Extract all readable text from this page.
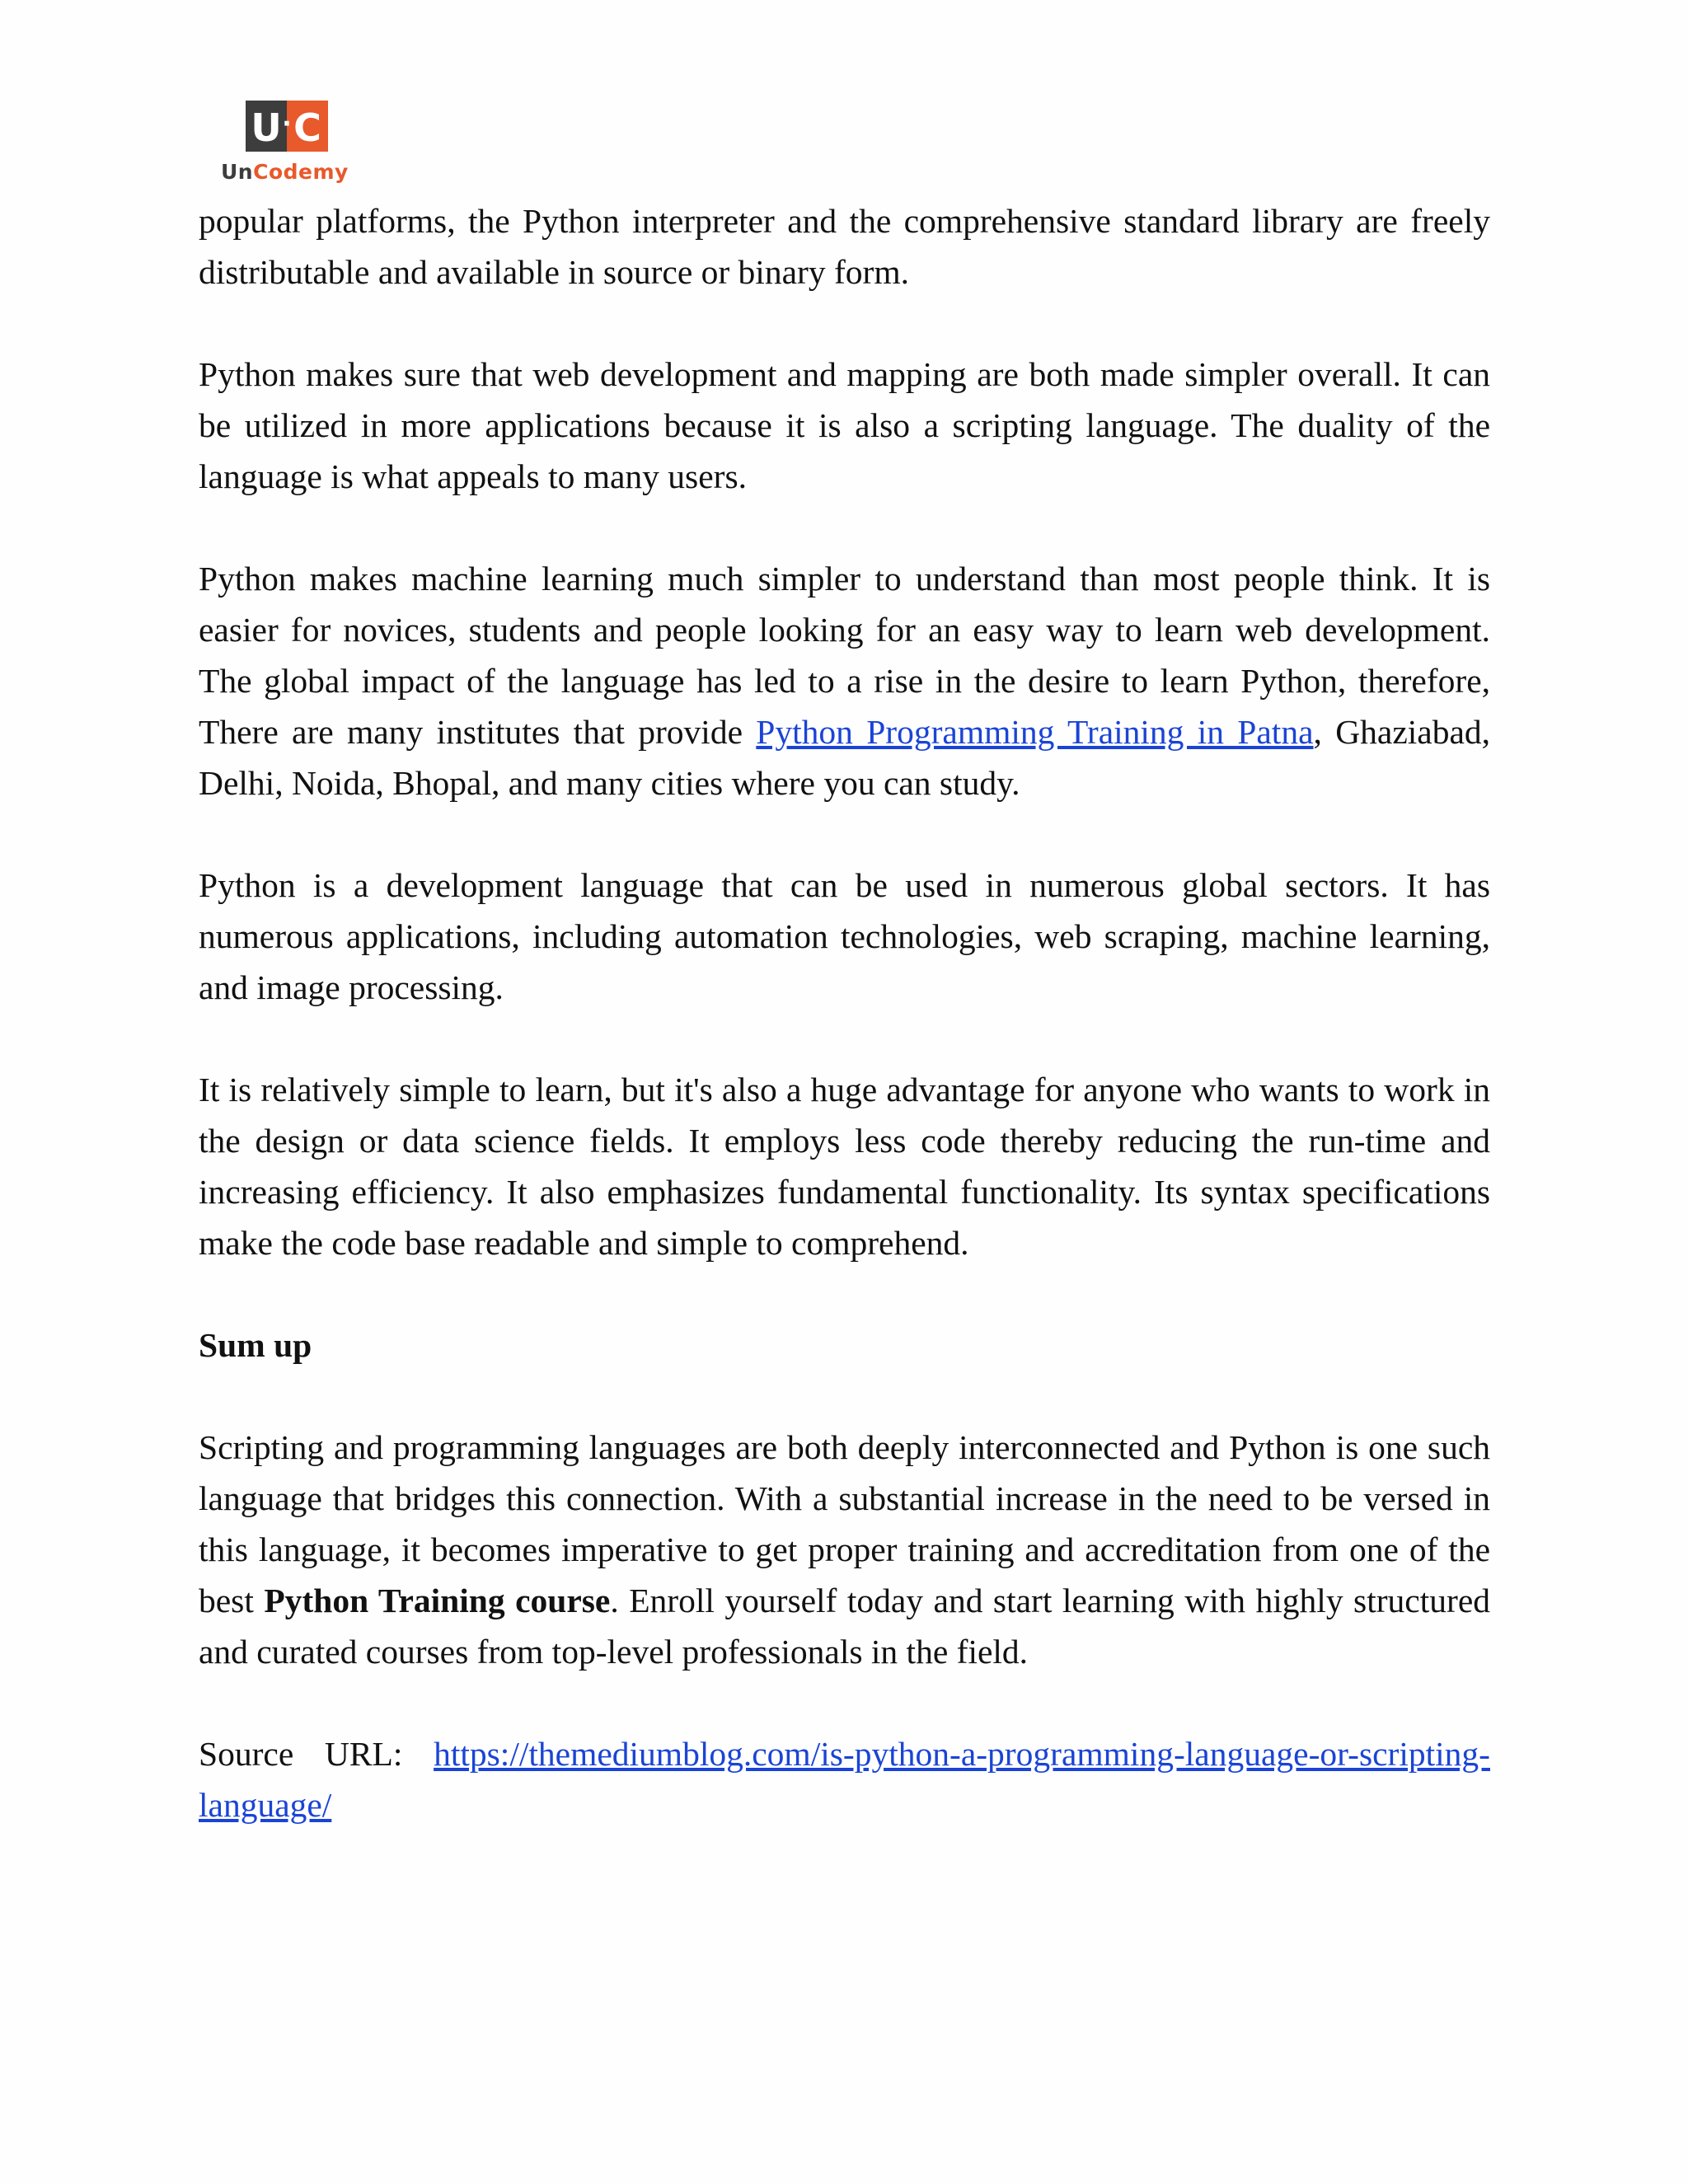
U · C
UnCodemy

popular platforms, the Python interpreter and the comprehensive standard library are freely distributable and available in source or binary form.

Python makes sure that web development and mapping are both made simpler overall. It can be utilized in more applications because it is also a scripting language. The duality of the language is what appeals to many users.

Python makes machine learning much simpler to understand than most people think. It is easier for novices, students and people looking for an easy way to learn web development. The global impact of the language has led to a rise in the desire to learn Python, therefore, There are many institutes that provide Python Programming Training in Patna, Ghaziabad, Delhi, Noida, Bhopal, and many cities where you can study.

Python is a development language that can be used in numerous global sectors. It has numerous applications, including automation technologies, web scraping, machine learning, and image processing.

It is relatively simple to learn, but it's also a huge advantage for anyone who wants to work in the design or data science fields. It employs less code thereby reducing the run-time and increasing efficiency. It also emphasizes fundamental functionality. Its syntax specifications make the code base readable and simple to comprehend.

Sum up

Scripting and programming languages are both deeply interconnected and Python is one such language that bridges this connection. With a substantial increase in the need to be versed in this language, it becomes imperative to get proper training and accreditation from one of the best Python Training course. Enroll yourself today and start learning with highly structured and curated courses from top-level professionals in the field.

Source URL: https://themediumblog.com/is-python-a-programming-language-or-scripting-language/
